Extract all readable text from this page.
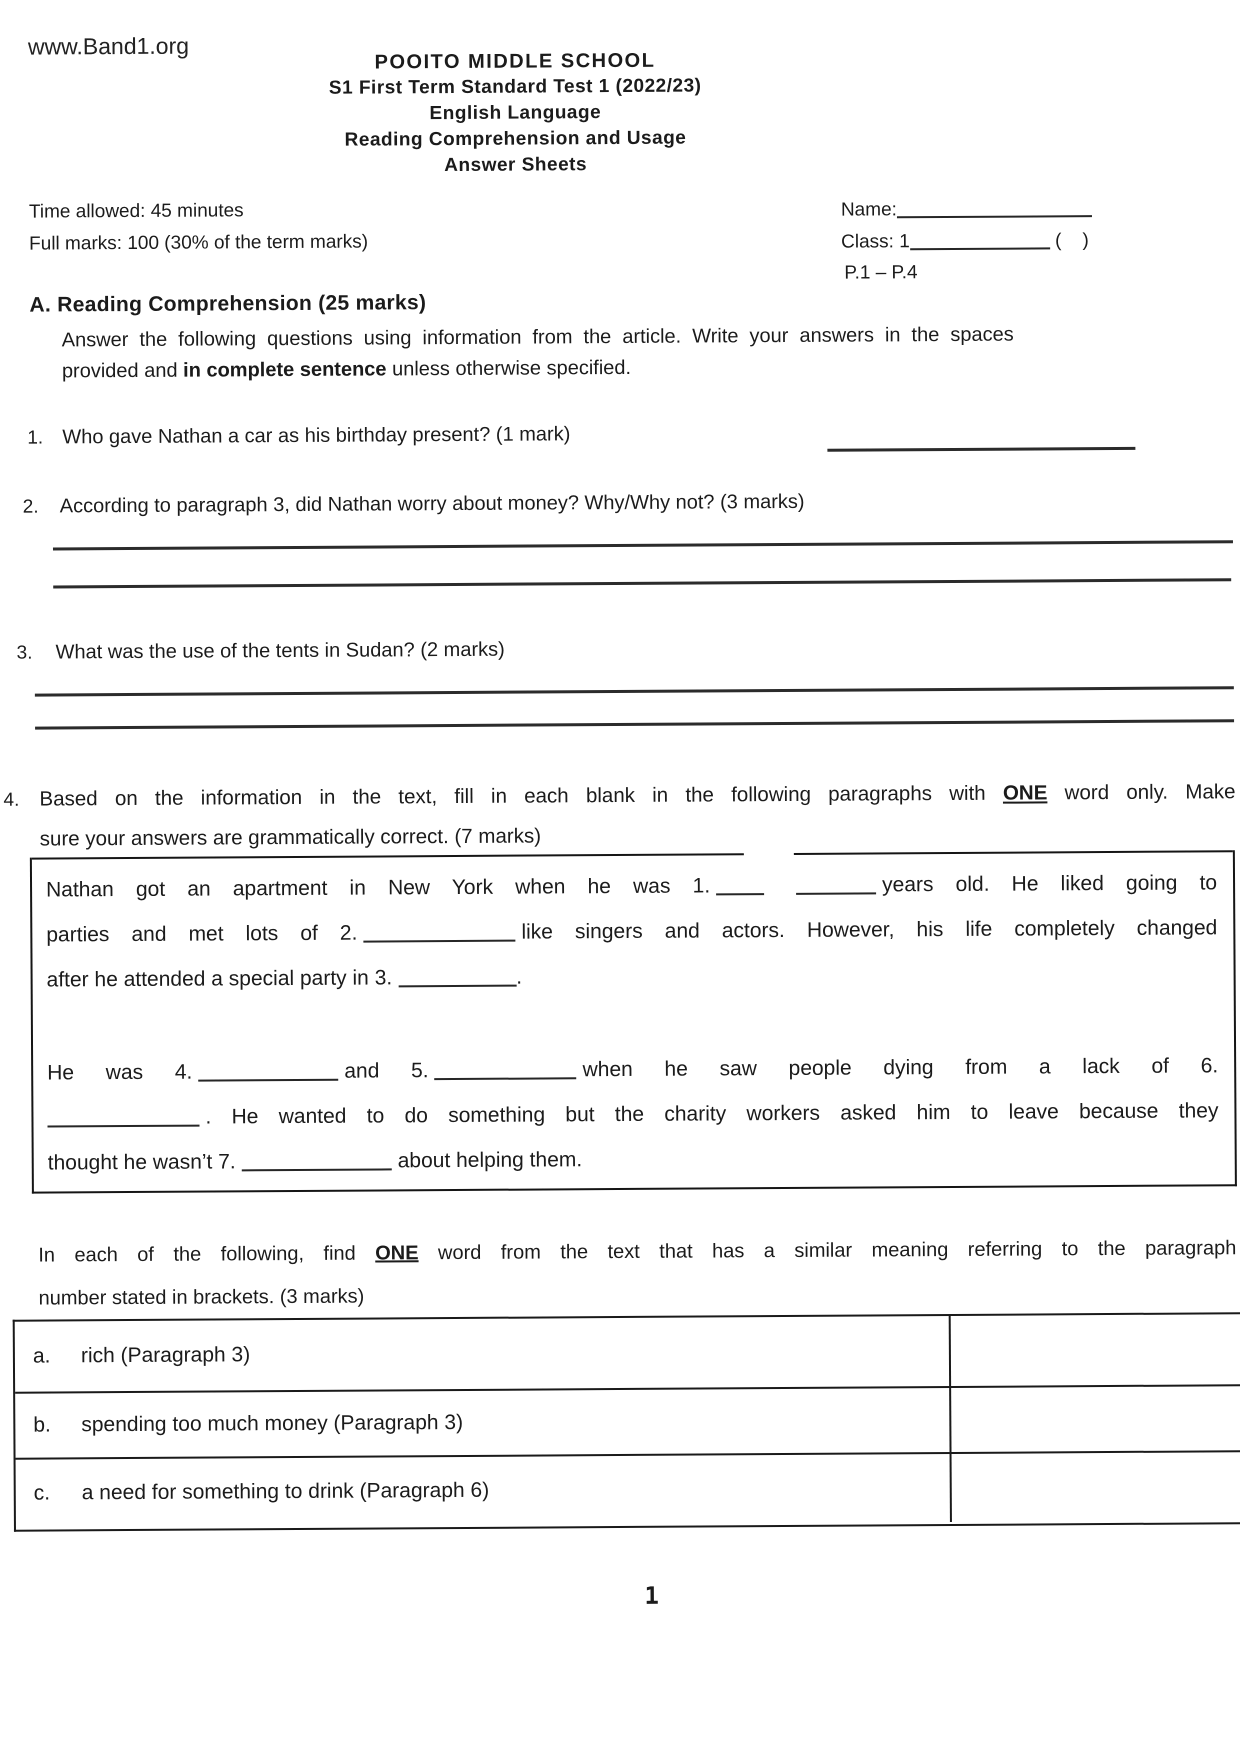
www.Band1.org
POOITO MIDDLE SCHOOL
S1 First Term Standard Test 1 (2022/23)
English Language
Reading Comprehension and Usage
Answer Sheets
Time allowed: 45 minutes
Full marks: 100 (30% of the term marks)
Name:
Class: 1	(    )
P.1 – P.4
A. Reading Comprehension (25 marks)
Answer the following questions using information from the article. Write your answers in the spaces provided and in complete sentence unless otherwise specified.
1. Who gave Nathan a car as his birthday present? (1 mark)
2. According to paragraph 3, did Nathan worry about money? Why/Why not? (3 marks)
3. What was the use of the tents in Sudan? (2 marks)
4. Based on the information in the text, fill in each blank in the following paragraphs with ONE word only. Make
sure your answers are grammatically correct. (7 marks)
Nathan got an apartment in New York when he was 1.	years old. He liked going to
parties and met lots of 2.	like singers and actors. However, his life completely changed
after he attended a special party in 3.	.
He was 4.	and 5.	when he saw people dying from a lack of 6.
. He wanted to do something but the charity workers asked him to leave because they
thought he wasn’t 7.	about helping them.
In each of the following, find ONE word from the text that has a similar meaning referring to the paragraph
number stated in brackets. (3 marks)
a.	rich (Paragraph 3)
b.	spending too much money (Paragraph 3)
c.	a need for something to drink (Paragraph 6)
1
